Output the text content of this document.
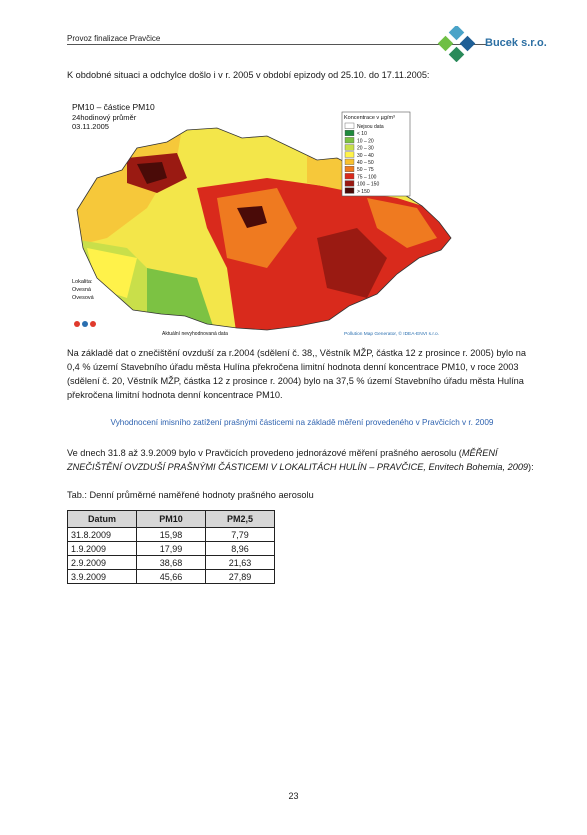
Provoz finalizace Pravčice	Bucek s.r.o.
K obdobné situaci a odchylce došlo i v r. 2005 v období epizody od 25.10. do 17.11.2005:
PM10 – částice PM10
24hodinový průměr
03.11.2005
Koncentrace v µg/m³
Nejsou data
< 10
10 – 20
20 – 30
30 – 40
40 – 50
50 – 75
75 – 100
100 – 150
> 150
Lokalita:
Ovesná
Ovesová
Aktuální nevyhodnovaná data	Pollution Map Generator, © IDEA-ENVI s.r.o.
Na základě dat o znečištění ovzduší za r.2004 (sdělení č. 38,, Věstník MŽP, částka 12 z prosince r. 2005) bylo na 0,4 % území Stavebního úřadu města Hulína překročena limitní hodnota denní koncentrace PM10, v roce 2003 (sdělení č. 20, Věstník MŽP, částka 12 z prosince r. 2004) bylo na 37,5 % území Stavebního úřadu města Hulína překročena limitní hodnota denní koncentrace PM10.
Vyhodnocení imisního zatížení prašnými částicemi na základě měření provedeného v Pravčicích v r. 2009
Ve dnech 31.8 až 3.9.2009 bylo v Pravčicích provedeno jednorázové měření prašného aerosolu (MĚŘENÍ ZNEČIŠTĚNÍ OVZDUŠÍ PRAŠNÝMI ČÁSTICEMI V LOKALITÁCH HULÍN – PRAVČICE, Envitech Bohemia, 2009):
Tab.: Denní průměrné naměřené hodnoty prašného aerosolu
Datum	PM10	PM2,5
31.8.2009	15,98	7,79
1.9.2009	17,99	8,96
2.9.2009	38,68	21,63
3.9.2009	45,66	27,89
23
